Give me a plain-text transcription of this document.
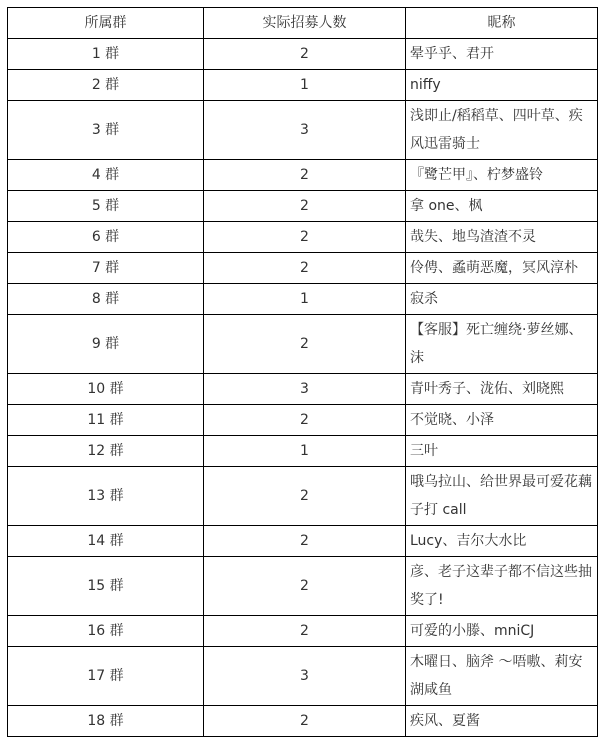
所属群	实际招募人数	昵称
1 群	2	晕乎乎、君开
2 群	1	niffy
3 群	3	浅即止/稻稻草、四叶草、疾风迅雷骑士
4 群	2	『鹭芒甲』、柠梦盛铃
5 群	2	拿 one、枫
6 群	2	哉失、地鸟渣渣不灵
7 群	2	伶俜、蟊萌恶魔，冥风淳朴
8 群	1	寂杀
9 群	2	【客服】死亡缠绕·萝丝娜、沫
10 群	3	青叶秀子、泷佑、刘晓熙
11 群	2	不觉晓、小泽
12 群	1	三叶
13 群	2	哦乌拉山、给世界最可爱花藕子打 call
14 群	2	Lucy、吉尔大水比
15 群	2	彦、老子这辈子都不信这些抽奖了!
16 群	2	可爱的小滕、mniCJ
17 群	3	木曜日、脑斧 ～唔嗷、莉安湖咸鱼
18 群	2	疾风、夏酱
